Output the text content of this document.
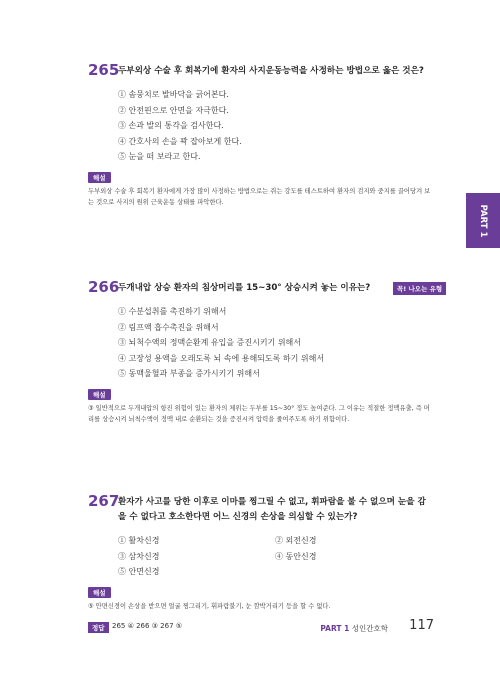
265
두부외상 수술 후 회복기에 환자의 사지운동능력을 사정하는 방법으로 옳은 것은?
① 솜뭉치로 발바닥을 긁어본다.
② 안전핀으로 안면을 자극한다.
③ 손과 발의 통각을 검사한다.
④ 간호사의 손을 꽉 잡아보게 한다.
⑤ 눈을 떠 보라고 한다.
해설
두부외상 수술 후 회복기 환자에게 가장 많이 사정하는 방법으로는 쥐는 강도를 테스트하여 환자의 검지와 중지를 끌어당겨 보는 것으로 사지의 원위 근육운동 상태를 파악한다.
266
두개내압 상승 환자의 침상머리를 15~30° 상승시켜 놓는 이유는?
① 수분섭취를 촉진하기 위해서
② 림프액 흡수촉진을 위해서
③ 뇌척수액의 정맥순환계 유입을 증진시키기 위해서
④ 고장성 용액을 오래도록 뇌 속에 용해되도록 하기 위해서
⑤ 동맥울혈과 부종을 증가시키기 위해서
해설
③ 일반적으로 두개내압의 항진 위험이 있는 환자의 체위는 두부를 15~30° 정도 높여준다. 그 이유는 적절한 정맥유출, 즉 머리를 상승시켜 뇌척수액이 정맥 내로 순환되는 것을 증진시켜 압력을 줄여주도록 하기 위함이다.
꼭! 나오는 유형
267
환자가 사고를 당한 이후로 이마를 찡그릴 수 없고, 휘파람을 불 수 없으며 눈을 감을 수 없다고 호소한다면 어느 신경의 손상을 의심할 수 있는가?
① 활차신경	② 외전신경
③ 삼차신경	④ 동안신경
⑤ 안면신경
해설
⑤ 안면신경이 손상을 받으면 얼굴 찡그리기, 휘파람불기, 눈 깜박거리기 등을 할 수 없다.
PART 1
정답	265 ④ 266 ③ 267 ⑤	PART 1 성인간호학 117
